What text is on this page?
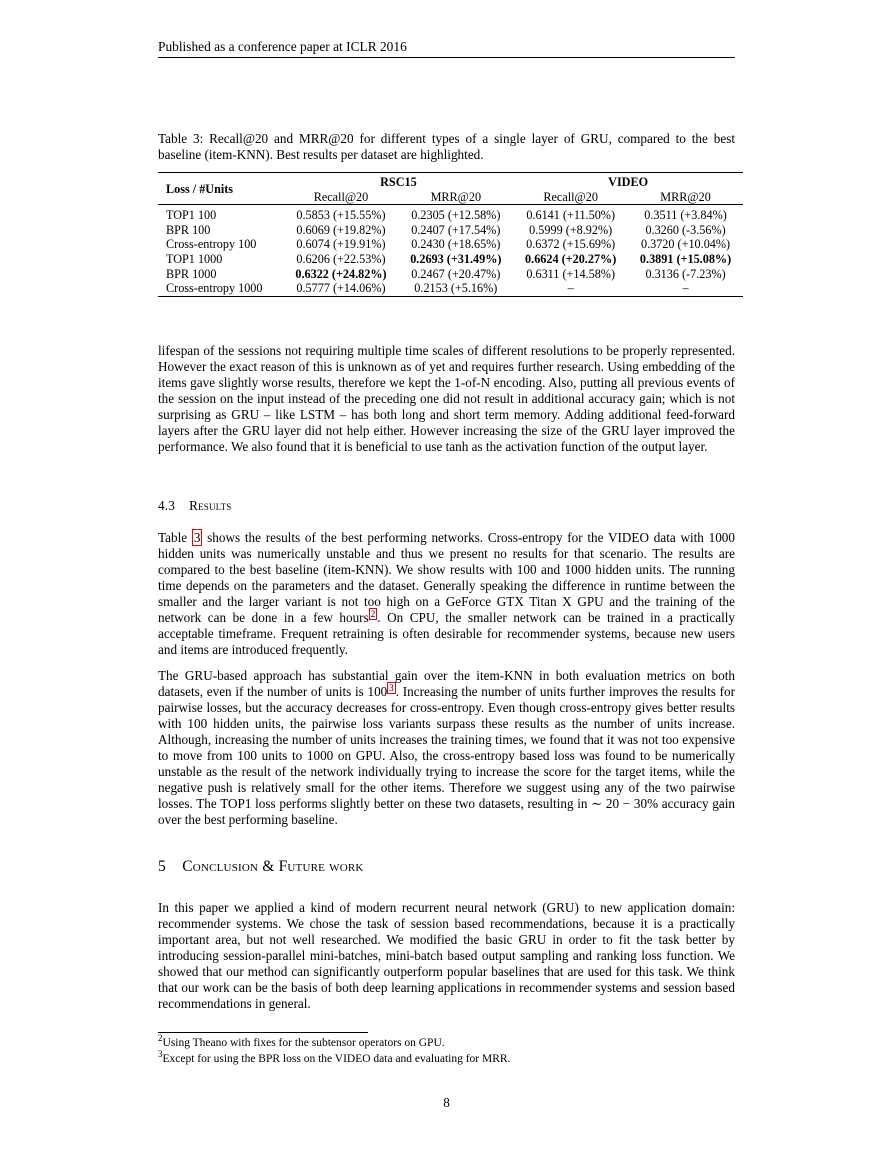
Published as a conference paper at ICLR 2016
Table 3: Recall@20 and MRR@20 for different types of a single layer of GRU, compared to the best baseline (item-KNN). Best results per dataset are highlighted.

Loss / #Units	RSC15		VIDEO	
	Recall@20	MRR@20	Recall@20	MRR@20

TOP1 100	0.5853 (+15.55%)	0.2305 (+12.58%)	0.6141 (+11.50%)	0.3511 (+3.84%)
BPR 100	0.6069 (+19.82%)	0.2407 (+17.54%)	0.5999 (+8.92%)	0.3260 (-3.56%)
Cross-entropy 100	0.6074 (+19.91%)	0.2430 (+18.65%)	0.6372 (+15.69%)	0.3720 (+10.04%)
TOP1 1000	0.6206 (+22.53%)	0.2693 (+31.49%)	0.6624 (+20.27%)	0.3891 (+15.08%)
BPR 1000	0.6322 (+24.82%)	0.2467 (+20.47%)	0.6311 (+14.58%)	0.3136 (-7.23%)
Cross-entropy 1000	0.5777 (+14.06%)	0.2153 (+5.16%)	–	–

lifespan of the sessions not requiring multiple time scales of different resolutions to be properly represented. However the exact reason of this is unknown as of yet and requires further research. Using embedding of the items gave slightly worse results, therefore we kept the 1-of-N encoding. Also, putting all previous events of the session on the input instead of the preceding one did not result in additional accuracy gain; which is not surprising as GRU – like LSTM – has both long and short term memory. Adding additional feed-forward layers after the GRU layer did not help either. However increasing the size of the GRU layer improved the performance. We also found that it is beneficial to use tanh as the activation function of the output layer.

4.3 Results

Table 3 shows the results of the best performing networks. Cross-entropy for the VIDEO data with 1000 hidden units was numerically unstable and thus we present no results for that scenario. The results are compared to the best baseline (item-KNN). We show results with 100 and 1000 hidden units. The running time depends on the parameters and the dataset. Generally speaking the difference in runtime between the smaller and the larger variant is not too high on a GeForce GTX Titan X GPU and the training of the network can be done in a few hours $^2$ . On CPU, the smaller network can be trained in a practically acceptable timeframe. Frequent retraining is often desirable for recommender systems, because new users and items are introduced frequently.

The GRU-based approach has substantial gain over the item-KNN in both evaluation metrics on both datasets, even if the number of units is 100 $^3$ . Increasing the number of units further improves the results for pairwise losses, but the accuracy decreases for cross-entropy. Even though cross-entropy gives better results with 100 hidden units, the pairwise loss variants surpass these results as the number of units increase. Although, increasing the number of units increases the training times, we found that it was not too expensive to move from 100 units to 1000 on GPU. Also, the cross-entropy based loss was found to be numerically unstable as the result of the network individually trying to increase the score for the target items, while the negative push is relatively small for the other items. Therefore we suggest using any of the two pairwise losses. The TOP1 loss performs slightly better on these two datasets, resulting in ∼ 20 − 30% accuracy gain over the best performing baseline.

5 Conclusion & Future work

In this paper we applied a kind of modern recurrent neural network (GRU) to new application domain: recommender systems. We chose the task of session based recommendations, because it is a practically important area, but not well researched. We modified the basic GRU in order to fit the task better by introducing session-parallel mini-batches, mini-batch based output sampling and ranking loss function. We showed that our method can significantly outperform popular baselines that are used for this task. We think that our work can be the basis of both deep learning applications in recommender systems and session based recommendations in general.

$^2$Using Theano with fixes for the subtensor operators on GPU.
$^3$Except for using the BPR loss on the VIDEO data and evaluating for MRR.
8
